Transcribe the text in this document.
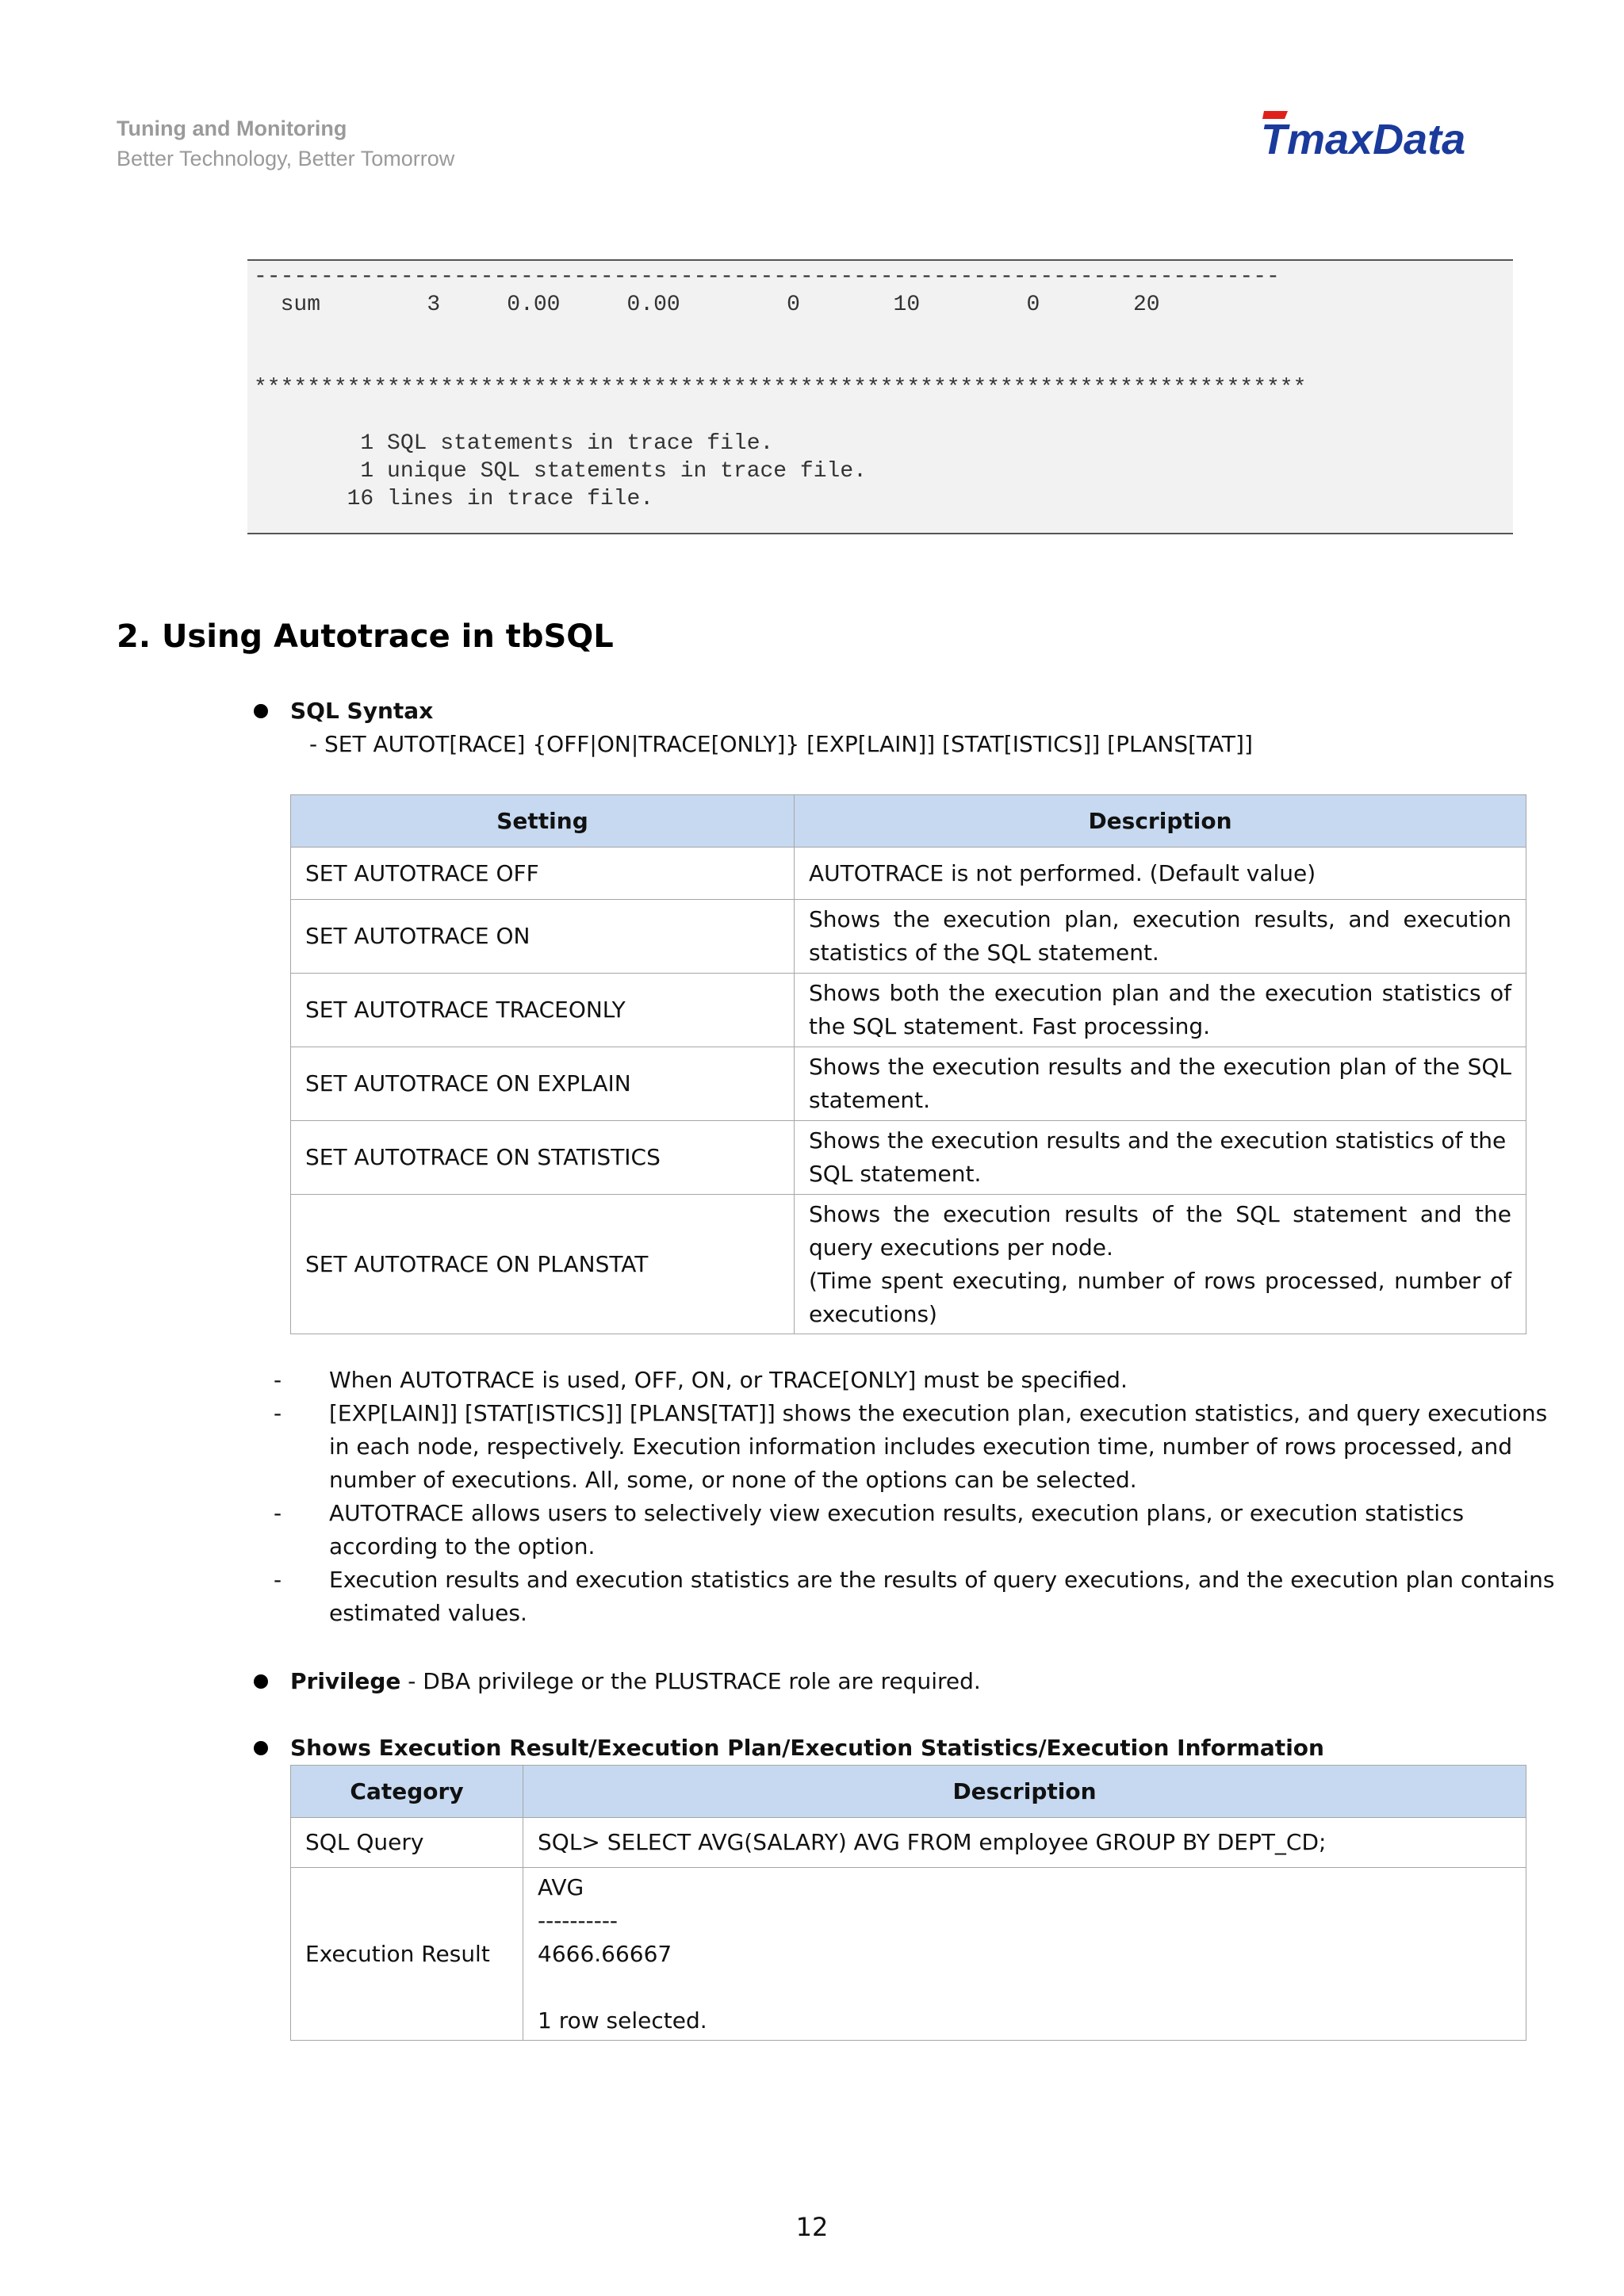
Tuning and Monitoring
Better Technology, Better Tomorrow	TmaxData
-----------------------------------------------------------------------------
sum        3     0.00     0.00        0       10        0       20
*******************************************************************************
1 SQL statements in trace file.
1 unique SQL statements in trace file.
16 lines in trace file.
2. Using Autotrace in tbSQL
SQL Syntax
- SET AUTOT[RACE] {OFF|ON|TRACE[ONLY]} [EXP[LAIN]] [STAT[ISTICS]] [PLANS[TAT]]
Setting	Description
SET AUTOTRACE OFF	AUTOTRACE is not performed. (Default value)
SET AUTOTRACE ON	Shows the execution plan, execution results, and execution statistics of the SQL statement.
SET AUTOTRACE TRACEONLY	Shows both the execution plan and the execution statistics of the SQL statement. Fast processing.
SET AUTOTRACE ON EXPLAIN	Shows the execution results and the execution plan of the SQL statement.
SET AUTOTRACE ON STATISTICS	Shows the execution results and the execution statistics of the SQL statement.
SET AUTOTRACE ON PLANSTAT	Shows the execution results of the SQL statement and the query executions per node.
(Time spent executing, number of rows processed, number of executions)
- When AUTOTRACE is used, OFF, ON, or TRACE[ONLY] must be specified.
- [EXP[LAIN]] [STAT[ISTICS]] [PLANS[TAT]] shows the execution plan, execution statistics, and query executions in each node, respectively. Execution information includes execution time, number of rows processed, and number of executions. All, some, or none of the options can be selected.
- AUTOTRACE allows users to selectively view execution results, execution plans, or execution statistics according to the option.
- Execution results and execution statistics are the results of query executions, and the execution plan contains estimated values.
Privilege - DBA privilege or the PLUSTRACE role are required.
Shows Execution Result/Execution Plan/Execution Statistics/Execution Information
Category	Description
SQL Query	SQL> SELECT AVG(SALARY) AVG FROM employee GROUP BY DEPT_CD;
Execution Result	AVG
----------
4666.66667
1 row selected.
12
